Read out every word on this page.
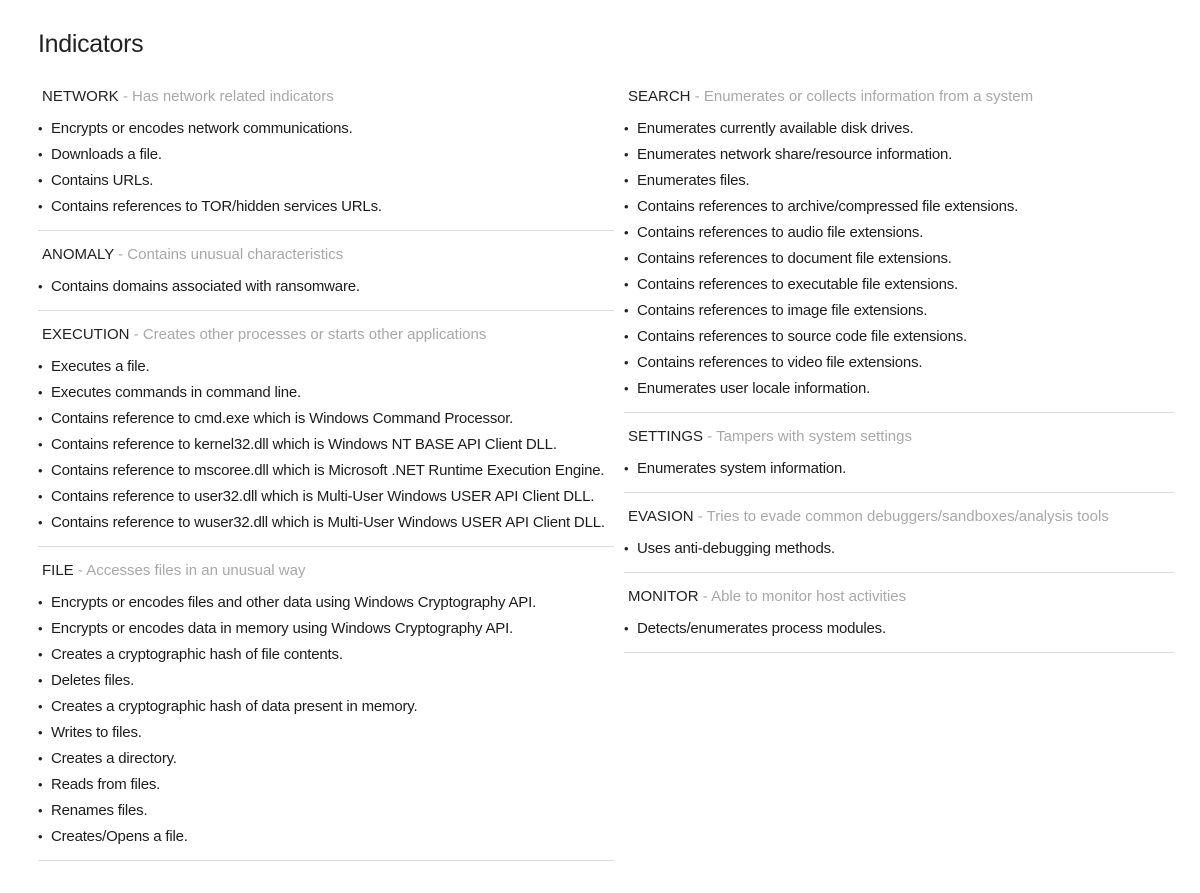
Indicators
NETWORK - Has network related indicators
• Encrypts or encodes network communications.
• Downloads a file.
• Contains URLs.
• Contains references to TOR/hidden services URLs.
ANOMALY - Contains unusual characteristics
• Contains domains associated with ransomware.
EXECUTION - Creates other processes or starts other applications
• Executes a file.
• Executes commands in command line.
• Contains reference to cmd.exe which is Windows Command Processor.
• Contains reference to kernel32.dll which is Windows NT BASE API Client DLL.
• Contains reference to mscoree.dll which is Microsoft .NET Runtime Execution Engine.
• Contains reference to user32.dll which is Multi-User Windows USER API Client DLL.
• Contains reference to wuser32.dll which is Multi-User Windows USER API Client DLL.
FILE - Accesses files in an unusual way
• Encrypts or encodes files and other data using Windows Cryptography API.
• Encrypts or encodes data in memory using Windows Cryptography API.
• Creates a cryptographic hash of file contents.
• Deletes files.
• Creates a cryptographic hash of data present in memory.
• Writes to files.
• Creates a directory.
• Reads from files.
• Renames files.
• Creates/Opens a file.
SEARCH - Enumerates or collects information from a system
• Enumerates currently available disk drives.
• Enumerates network share/resource information.
• Enumerates files.
• Contains references to archive/compressed file extensions.
• Contains references to audio file extensions.
• Contains references to document file extensions.
• Contains references to executable file extensions.
• Contains references to image file extensions.
• Contains references to source code file extensions.
• Contains references to video file extensions.
• Enumerates user locale information.
SETTINGS - Tampers with system settings
• Enumerates system information.
EVASION - Tries to evade common debuggers/sandboxes/analysis tools
• Uses anti-debugging methods.
MONITOR - Able to monitor host activities
• Detects/enumerates process modules.
